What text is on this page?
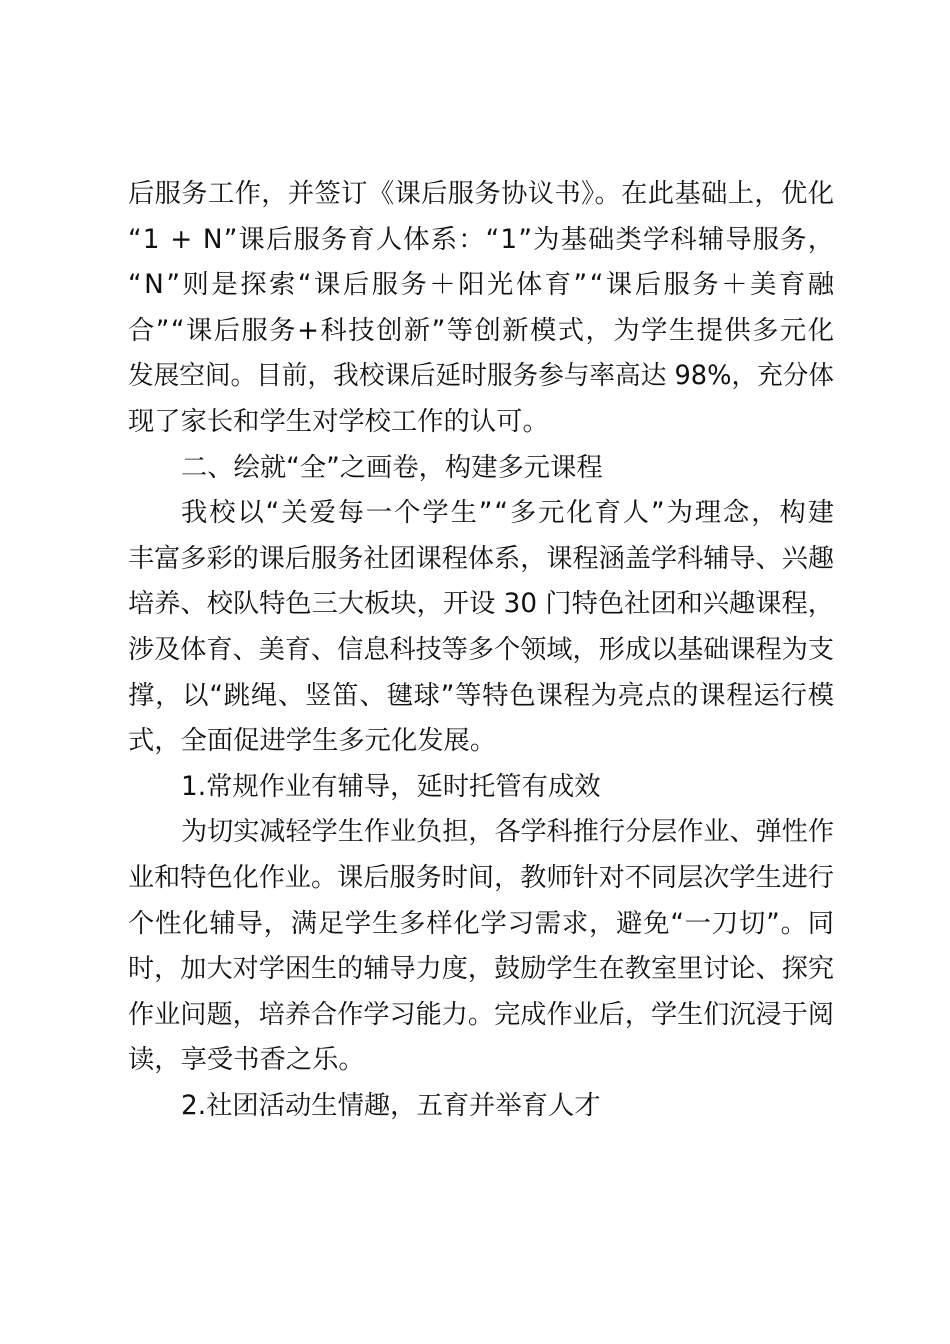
后服务工作，并签订《课后服务协议书》。在此基础上，优化
“1 + N”课后服务育人体系：“1”为基础类学科辅导服务，
“N”则是探索“课后服务＋阳光体育”“课后服务＋美育融
合”“课后服务+科技创新”等创新模式，为学生提供多元化
发展空间。目前，我校课后延时服务参与率高达 98%，充分体
现了家长和学生对学校工作的认可。
二、绘就“全”之画卷，构建多元课程
我校以“关爱每一个学生”“多元化育人”为理念，构建
丰富多彩的课后服务社团课程体系，课程涵盖学科辅导、兴趣
培养、校队特色三大板块，开设 30 门特色社团和兴趣课程，
涉及体育、美育、信息科技等多个领域，形成以基础课程为支
撑，以“跳绳、竖笛、毽球”等特色课程为亮点的课程运行模
式，全面促进学生多元化发展。
1.常规作业有辅导，延时托管有成效
为切实减轻学生作业负担，各学科推行分层作业、弹性作
业和特色化作业。课后服务时间，教师针对不同层次学生进行
个性化辅导，满足学生多样化学习需求，避免“一刀切”。同
时，加大对学困生的辅导力度，鼓励学生在教室里讨论、探究
作业问题，培养合作学习能力。完成作业后，学生们沉浸于阅
读，享受书香之乐。
2.社团活动生情趣，五育并举育人才
